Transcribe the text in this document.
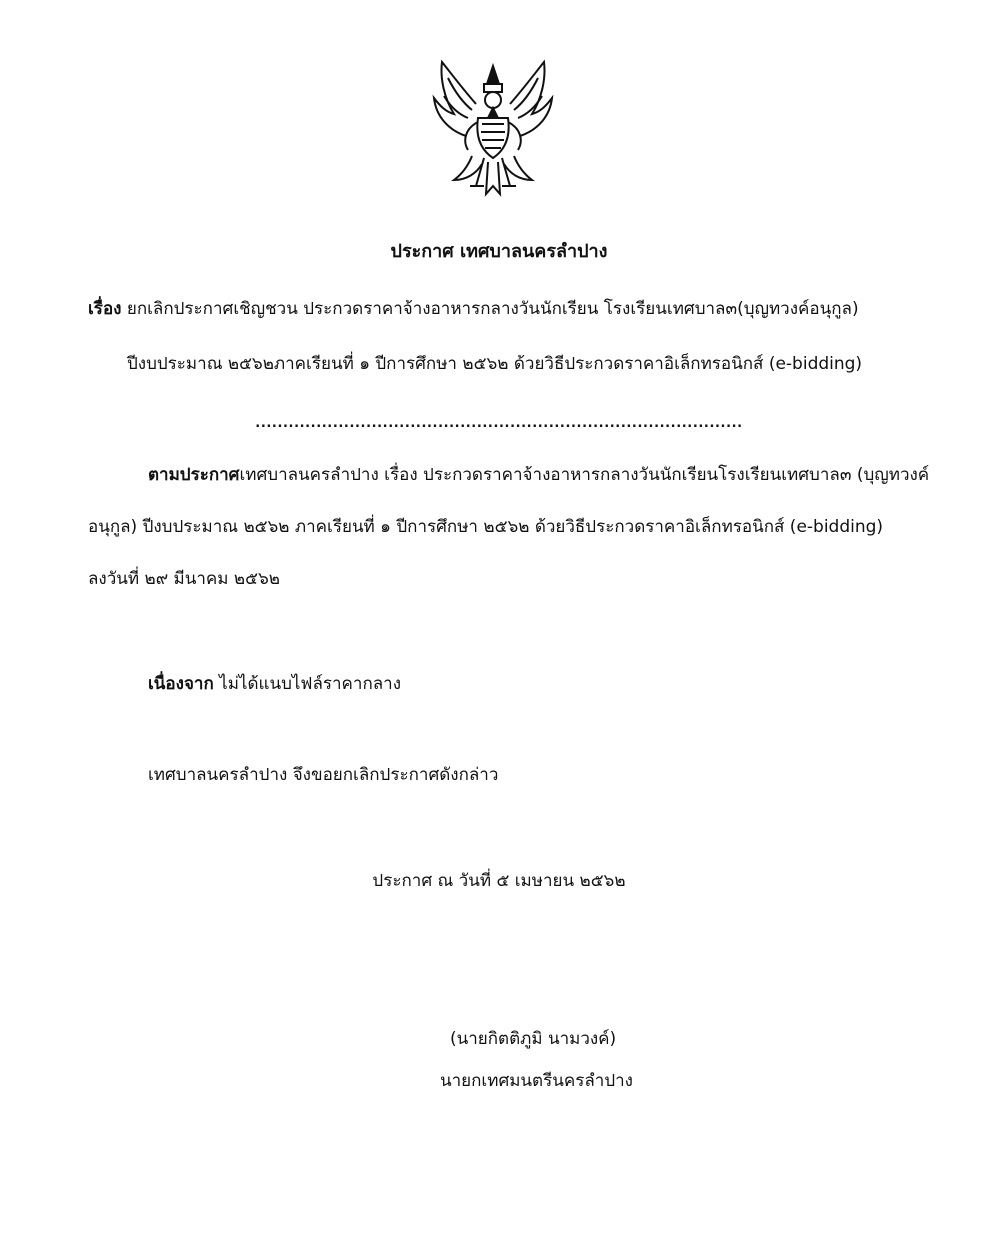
ประกาศ เทศบาลนครลำปาง
เรื่อง ยกเลิกประกาศเชิญชวน ประกวดราคาจ้างอาหารกลางวันนักเรียน โรงเรียนเทศบาล๓(บุญทวงค์อนุกูล)
ปีงบประมาณ ๒๕๖๒ภาคเรียนที่ ๑ ปีการศึกษา ๒๕๖๒ ด้วยวิธีประกวดราคาอิเล็กทรอนิกส์ (e-bidding)
........................................................................................
ตามประกาศเทศบาลนครลำปาง เรื่อง ประกวดราคาจ้างอาหารกลางวันนักเรียนโรงเรียนเทศบาล๓ (บุญทวงค์
อนุกูล) ปีงบประมาณ ๒๕๖๒ ภาคเรียนที่ ๑ ปีการศึกษา ๒๕๖๒ ด้วยวิธีประกวดราคาอิเล็กทรอนิกส์ (e-bidding)
ลงวันที่ ๒๙ มีนาคม ๒๕๖๒
เนื่องจาก ไม่ได้แนบไฟล์ราคากลาง
เทศบาลนครลำปาง จึงขอยกเลิกประกาศดังกล่าว
ประกาศ ณ วันที่ ๕ เมษายน ๒๕๖๒
(นายกิตติภูมิ นามวงค์)
นายกเทศมนตรีนครลำปาง
